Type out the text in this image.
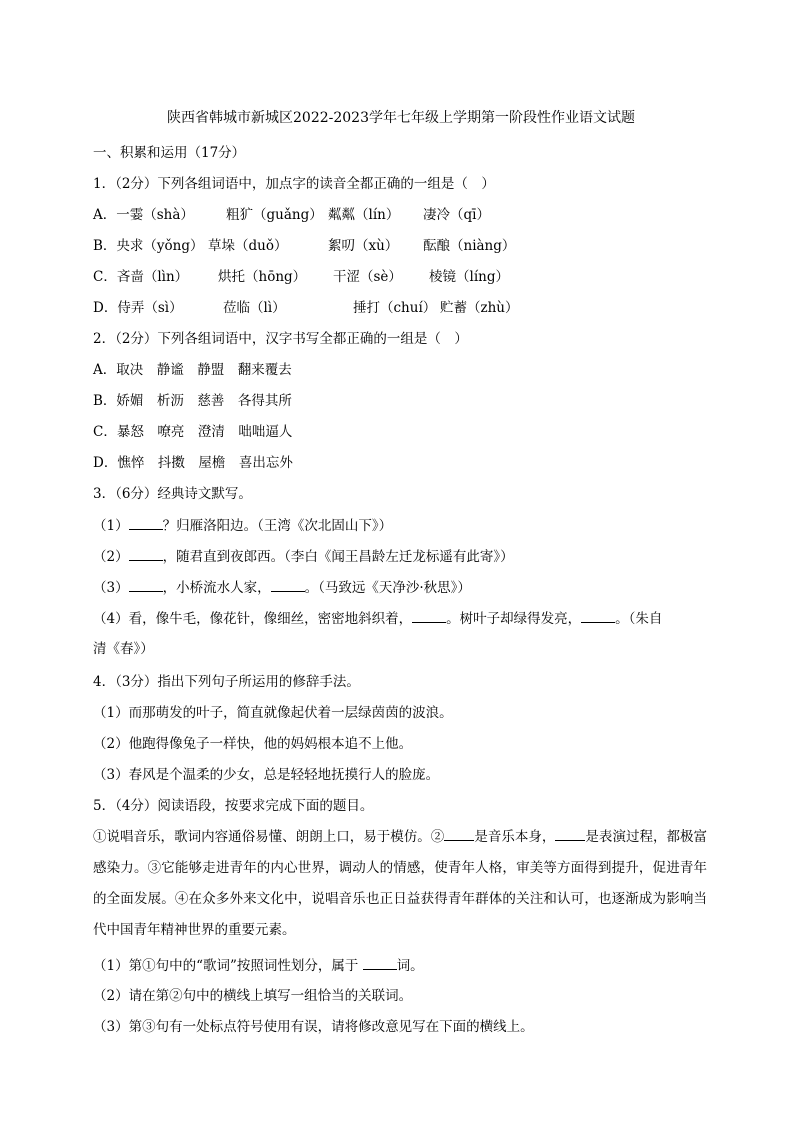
陕西省韩城市新城区2022-2023学年七年级上学期第一阶段性作业语文试题
一、积累和运用（17分）
1．（2分）下列各组词语中，加点字的读音全都正确的一组是（　）
A．一霎（shà） 粗犷（guǎng） 粼粼（lín） 凄冷（qī）
B．央求（yǒng） 草垛（duǒ）	絮叨（xù） 酝酿（niàng）
C．吝啬（lìn） 烘托（hōng） 干涩（sè） 棱镜（líng）
D．侍弄（sì）	莅临（lì）	捶打（chuí） 贮蓄（zhù）
2．（2分）下列各组词语中，汉字书写全都正确的一组是（　）
A．取决　静谧　静盟　翻来覆去
B．娇媚　析沥　慈善　各得其所
C．暴怒　嘹亮　澄清　咄咄逼人
D．憔悴　抖擞　屋檐　喜出忘外
3．（6分）经典诗文默写。
（1）	？归雁洛阳边。（王湾《次北固山下》）
（2）	，随君直到夜郎西。（李白《闻王昌龄左迁龙标遥有此寄》）
（3）	，小桥流水人家，	。（马致远《天净沙·秋思》）
（4）看，像牛毛，像花针，像细丝，密密地斜织着，	。树叶子却绿得发亮，	。（朱自
清《春》）
4．（3分）指出下列句子所运用的修辞手法。
（1）而那萌发的叶子，简直就像起伏着一层绿茵茵的波浪。
（2）他跑得像兔子一样快，他的妈妈根本追不上他。
（3）春风是个温柔的少女，总是轻轻地抚摸行人的脸庞。
5．（4分）阅读语段，按要求完成下面的题目。
①说唱音乐，歌词内容通俗易懂、朗朗上口，易于模仿。② 是音乐本身， 是表演过程，都极富感染力。③它能够走进青年的内心世界，调动人的情感，使青年人格，审美等方面得到提升，促进青年的全面发展。④在众多外来文化中，说唱音乐也正日益获得青年群体的关注和认可，也逐渐成为影响当代中国青年精神世界的重要元素。
（1）第①句中的“歌词”按照词性划分，属于	词。
（2）请在第②句中的横线上填写一组恰当的关联词。
（3）第③句有一处标点符号使用有误，请将修改意见写在下面的横线上。
